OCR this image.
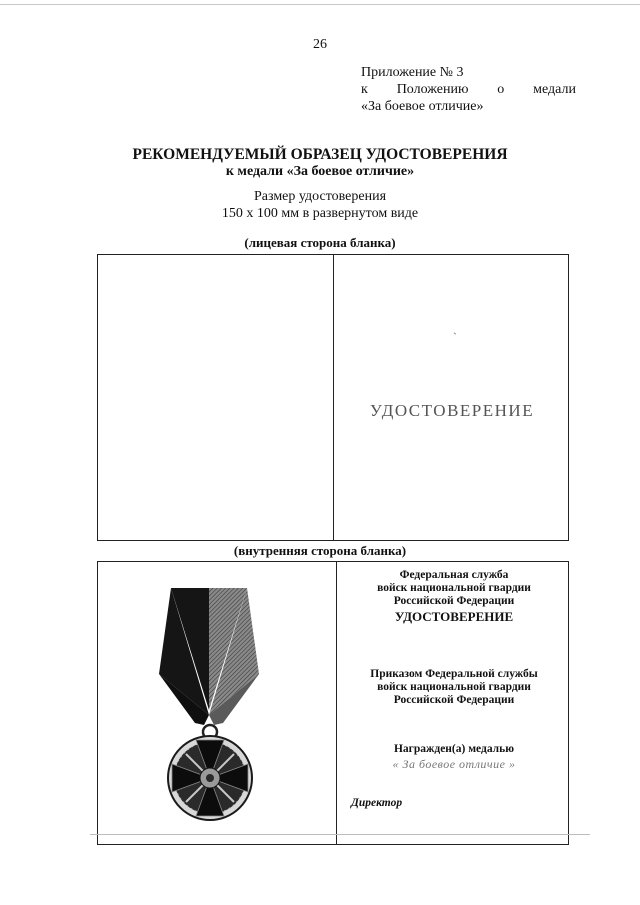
26
Приложение № 3
к Положению о медали
«За боевое отличие»
РЕКОМЕНДУЕМЫЙ ОБРАЗЕЦ УДОСТОВЕРЕНИЯ
к медали «За боевое отличие»
Размер удостоверения
150 х 100 мм в развернутом виде
(лицевая сторона бланка)
`
УДОСТОВЕРЕНИЕ
(внутренняя сторона бланка)
Федеральная служба
войск национальной гвардии
Российской Федерации
УДОСТОВЕРЕНИЕ
Приказом Федеральной службы
войск национальной гвардии
Российской Федерации
Награжден(а) медалью
« За боевое отличие »
Директор
